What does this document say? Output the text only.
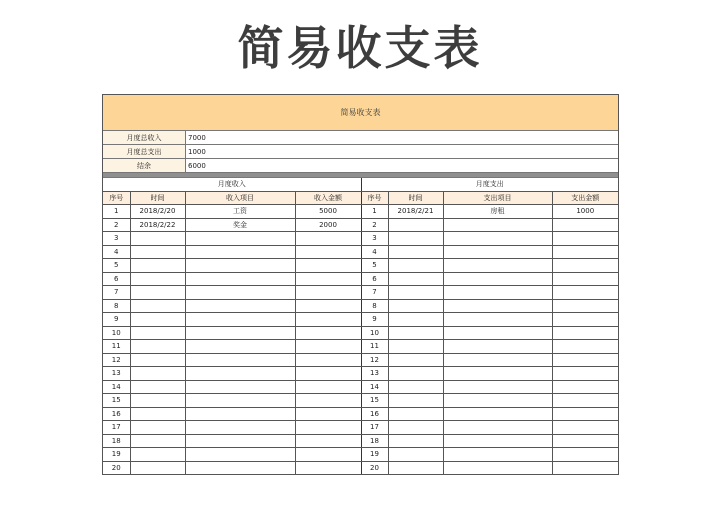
简易收支表
简易收支表
月度总收入	7000
月度总支出	1000
结余	6000
月度收入				月度支出			
序号	时间	收入项目	收入金额	序号	时间	支出项目	支出金额
1	2018/2/20	工资	5000	1	2018/2/21	房租	1000
2	2018/2/22	奖金	2000	2			
3				3			
4				4			
5				5			
6				6			
7				7			
8				8			
9				9			
10				10			
11				11			
12				12			
13				13			
14				14			
15				15			
16				16			
17				17			
18				18			
19				19			
20				20			
